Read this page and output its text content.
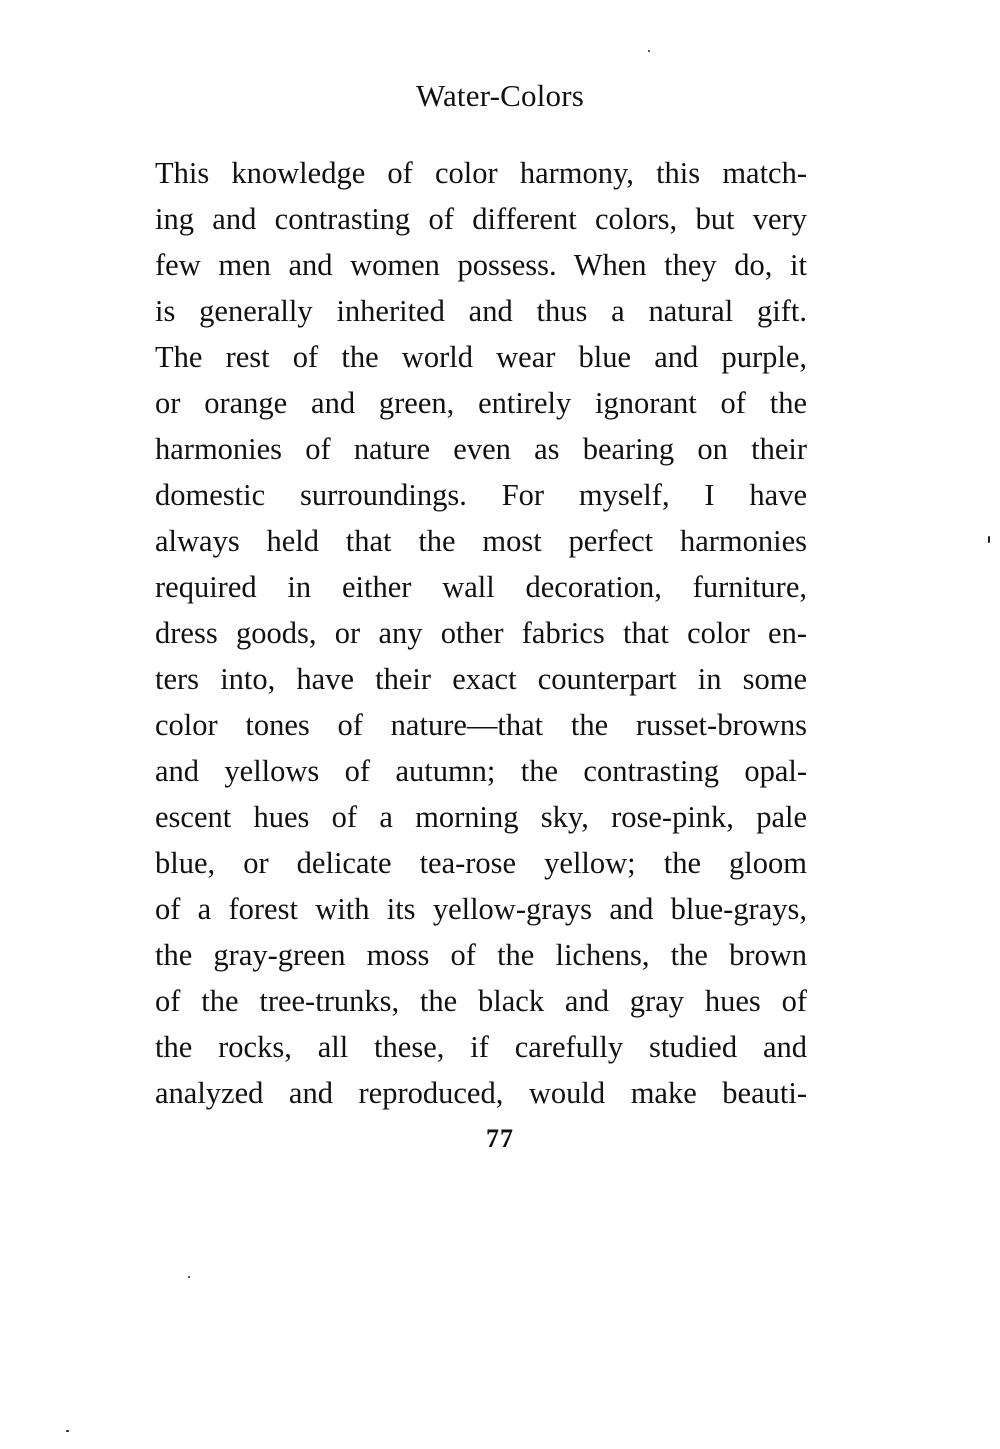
Water-Colors
This knowledge of color harmony, this match-
ing and contrasting of different colors, but very
few men and women possess. When they do, it
is generally inherited and thus a natural gift.
The rest of the world wear blue and purple,
or orange and green, entirely ignorant of the
harmonies of nature even as bearing on their
domestic surroundings. For myself, I have
always held that the most perfect harmonies
required in either wall decoration, furniture,
dress goods, or any other fabrics that color en-
ters into, have their exact counterpart in some
color tones of nature—that the russet-browns
and yellows of autumn; the contrasting opal-
escent hues of a morning sky, rose-pink, pale
blue, or delicate tea-rose yellow; the gloom
of a forest with its yellow-grays and blue-grays,
the gray-green moss of the lichens, the brown
of the tree-trunks, the black and gray hues of
the rocks, all these, if carefully studied and
analyzed and reproduced, would make beauti-
77
